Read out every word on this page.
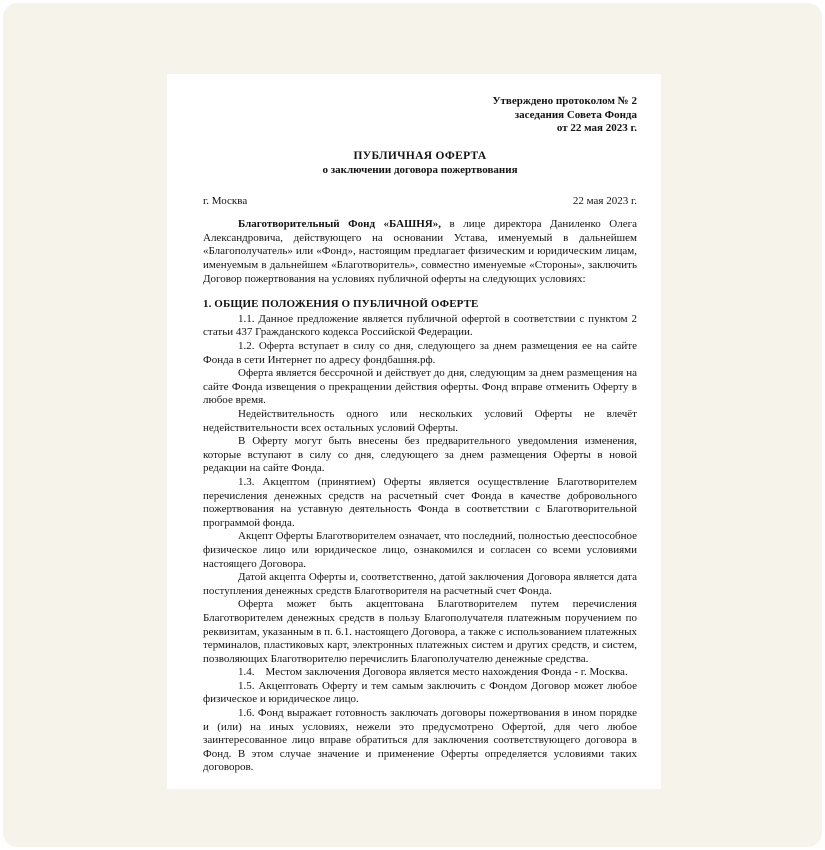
Утверждено протоколом № 2
заседания Совета Фонда
от 22 мая 2023 г.
ПУБЛИЧНАЯ ОФЕРТА
о заключении договора пожертвования
г. Москва	22 мая 2023 г.

Благотворительный Фонд «БАШНЯ», в лице директора Даниленко Олега Александровича, действующего на основании Устава, именуемый в дальнейшем «Благополучатель» или «Фонд», настоящим предлагает физическим и юридическим лицам, именуемым в дальнейшем «Благотворитель», совместно именуемые «Стороны», заключить Договор пожертвования на условиях публичной оферты на следующих условиях:

1. ОБЩИЕ ПОЛОЖЕНИЯ О ПУБЛИЧНОЙ ОФЕРТЕ

1.1. Данное предложение является публичной офертой в соответствии с пунктом 2 статьи 437 Гражданского кодекса Российской Федерации.

1.2. Оферта вступает в силу со дня, следующего за днем размещения ее на сайте Фонда в сети Интернет по адресу фондбашня.рф.

Оферта является бессрочной и действует до дня, следующим за днем размещения на сайте Фонда извещения о прекращении действия оферты. Фонд вправе отменить Оферту в любое время.

Недействительность одного или нескольких условий Оферты не влечёт недействительности всех остальных условий Оферты.

В Оферту могут быть внесены без предварительного уведомления изменения, которые вступают в силу со дня, следующего за днем размещения Оферты в новой редакции на сайте Фонда.

1.3. Акцептом (принятием) Оферты является осуществление Благотворителем перечисления денежных средств на расчетный счет Фонда в качестве добровольного пожертвования на уставную деятельность Фонда в соответствии с Благотворительной программой фонда.

Акцепт Оферты Благотворителем означает, что последний, полностью дееспособное физическое лицо или юридическое лицо, ознакомился и согласен со всеми условиями настоящего Договора.

Датой акцепта Оферты и, соответственно, датой заключения Договора является дата поступления денежных средств Благотворителя на расчетный счет Фонда.

Оферта может быть акцептована Благотворителем путем перечисления Благотворителем денежных средств в пользу Благополучателя платежным поручением по реквизитам, указанным в п. 6.1. настоящего Договора, а также с использованием платежных терминалов, пластиковых карт, электронных платежных систем и других средств, и систем, позволяющих Благотворителю перечислить Благополучателю денежные средства.

1.4.    Местом заключения Договора является место нахождения Фонда - г. Москва.

1.5. Акцептовать Оферту и тем самым заключить с Фондом Договор может любое физическое и юридическое лицо.

1.6. Фонд выражает готовность заключать договоры пожертвования в ином порядке и (или) на иных условиях, нежели это предусмотрено Офертой, для чего любое заинтересованное лицо вправе обратиться для заключения соответствующего договора в Фонд. В этом случае значение и применение Оферты определяется условиями таких договоров.
